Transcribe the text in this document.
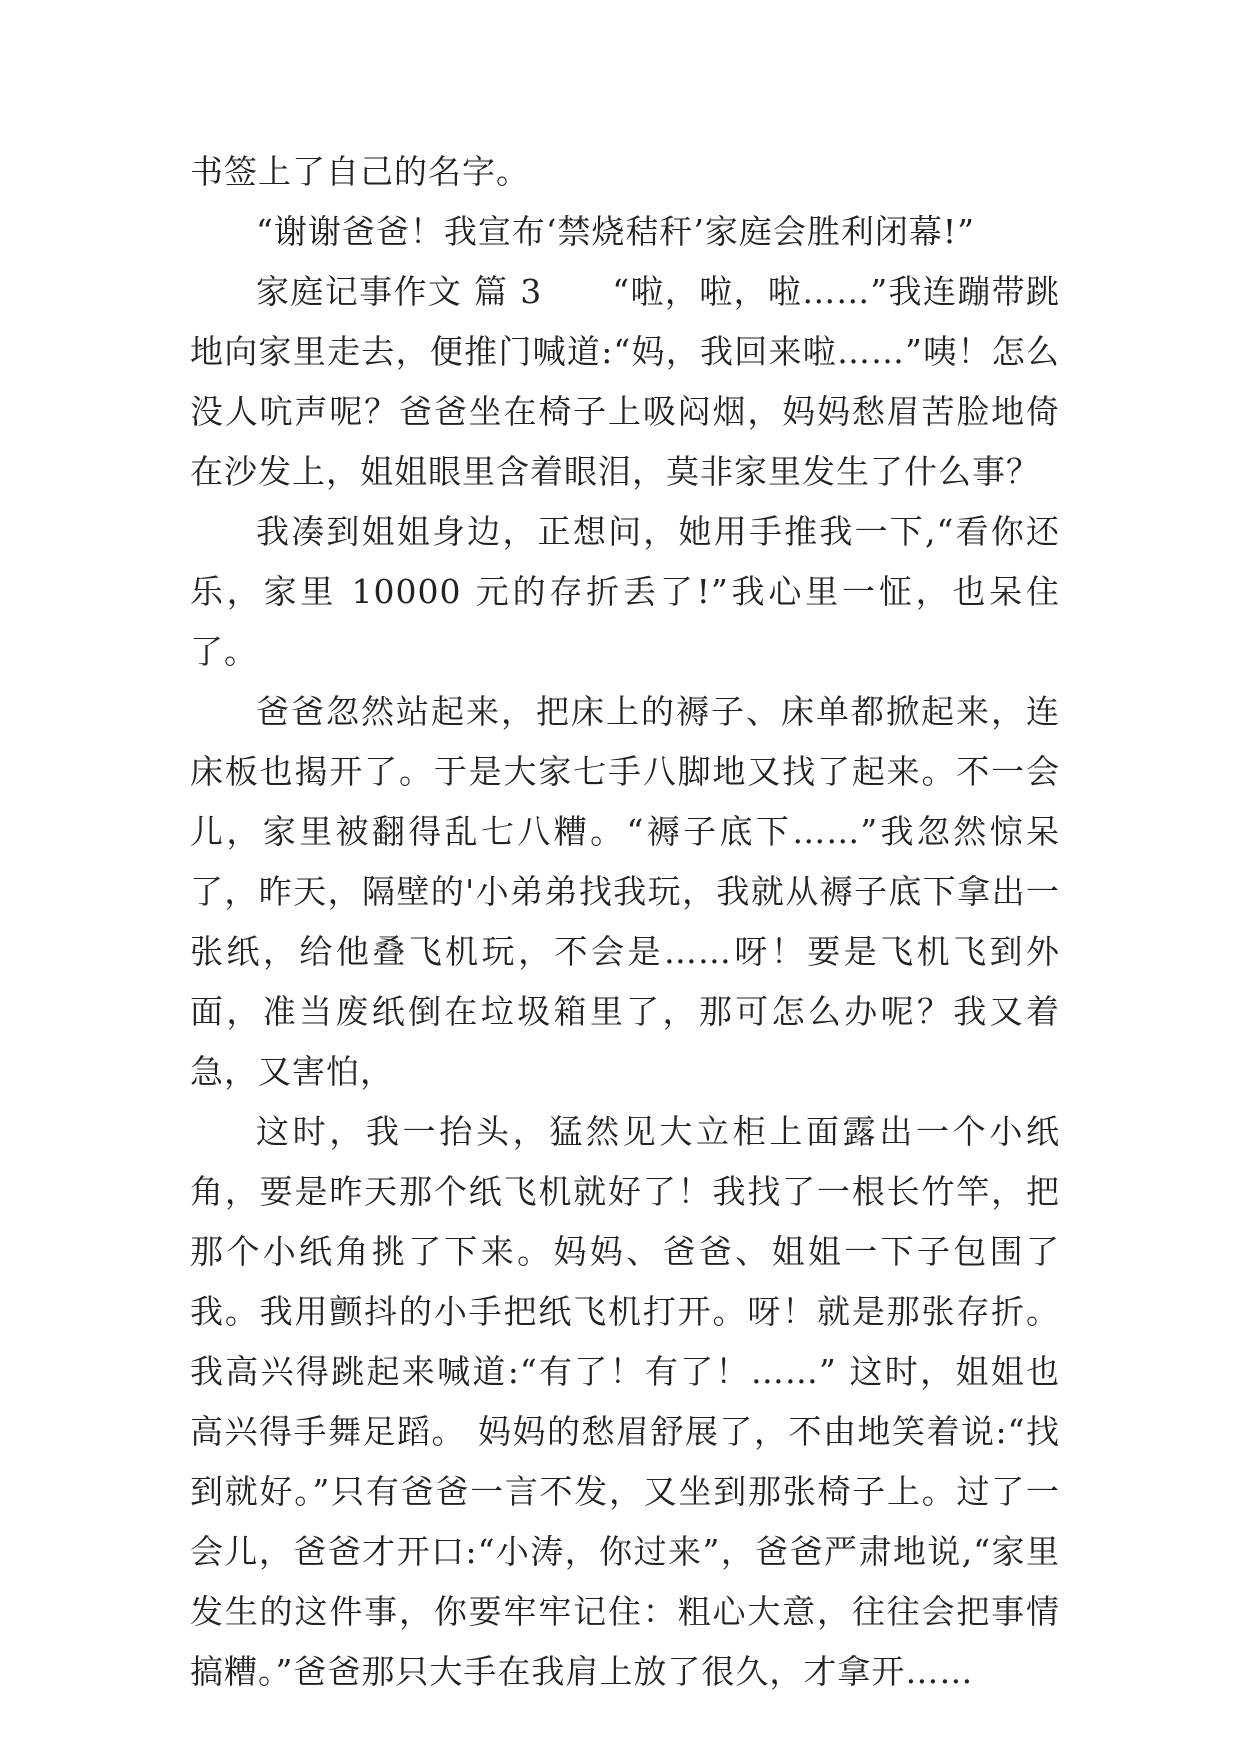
书签上了自己的名字。

“谢谢爸爸！我宣布‘禁烧秸秆’家庭会胜利闭幕!”

家庭记事作文 篇 3 “啦，啦，啦……”我连蹦带跳地向家里走去，便推门喊道:“妈，我回来啦……”咦！怎么没人吭声呢？爸爸坐在椅子上吸闷烟，妈妈愁眉苦脸地倚在沙发上，姐姐眼里含着眼泪，莫非家里发生了什么事？

我凑到姐姐身边，正想问，她用手推我一下,“看你还乐，家里 10000 元的存折丢了!”我心里一怔，也呆住了。

爸爸忽然站起来，把床上的褥子、床单都掀起来，连床板也揭开了。于是大家七手八脚地又找了起来。不一会儿，家里被翻得乱七八糟。“褥子底下……”我忽然惊呆了，昨天，隔壁的'小弟弟找我玩，我就从褥子底下拿出一张纸，给他叠飞机玩，不会是……呀！要是飞机飞到外面，准当废纸倒在垃圾箱里了，那可怎么办呢？我又着急，又害怕，

这时，我一抬头，猛然见大立柜上面露出一个小纸角，要是昨天那个纸飞机就好了！我找了一根长竹竿，把那个小纸角挑了下来。妈妈、爸爸、姐姐一下子包围了我。我用颤抖的小手把纸飞机打开。呀！就是那张存折。我高兴得跳起来喊道:“有了！有了！……” 这时，姐姐也高兴得手舞足蹈。 妈妈的愁眉舒展了，不由地笑着说:“找到就好。”只有爸爸一言不发，又坐到那张椅子上。过了一会儿，爸爸才开口:“小涛，你过来”，爸爸严肃地说,“家里发生的这件事，你要牢牢记住：粗心大意，往往会把事情搞糟。”爸爸那只大手在我肩上放了很久，才拿开……
